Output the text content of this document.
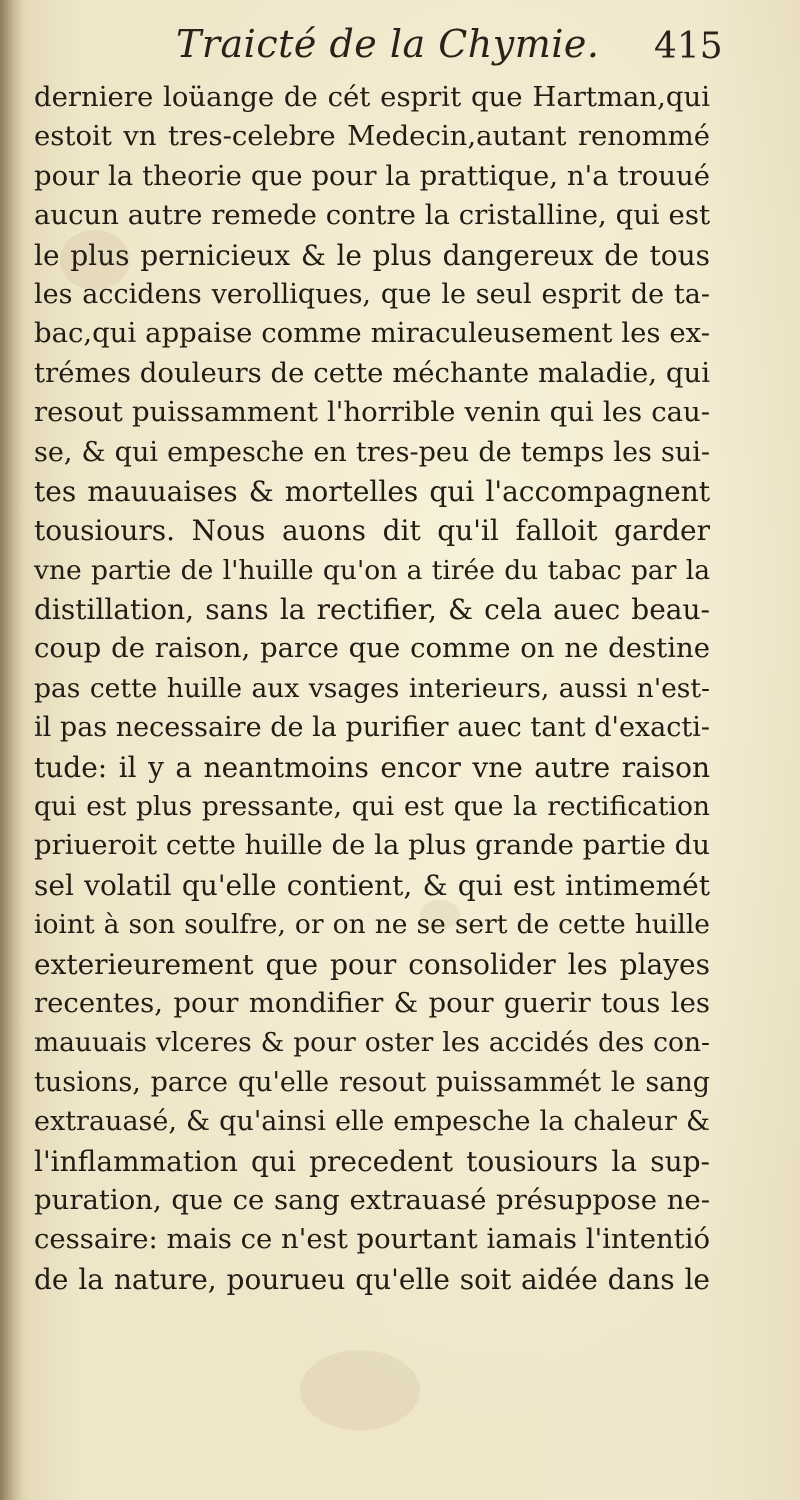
Traicté de la Chymie. 415
derniere loüange de cét esprit que Hartman,qui
estoit vn tres-celebre Medecin,autant renommé
pour la theorie que pour la prattique, n'a trouué
aucun autre remede contre la cristalline, qui est
le plus pernicieux & le plus dangereux de tous
les accidens verolliques, que le seul esprit de ta-
bac,qui appaise comme miraculeusement les ex-
trémes douleurs de cette méchante maladie, qui
resout puissamment l'horrible venin qui les cau-
se, & qui empesche en tres-peu de temps les sui-
tes mauuaises & mortelles qui l'accompagnent
tousiours. Nous auons dit qu'il falloit garder
vne partie de l'huille qu'on a tirée du tabac par la
distillation, sans la rectifier, & cela auec beau-
coup de raison, parce que comme on ne destine
pas cette huille aux vsages interieurs, aussi n'est-
il pas necessaire de la purifier auec tant d'exacti-
tude: il y a neantmoins encor vne autre raison
qui est plus pressante, qui est que la rectification
priueroit cette huille de la plus grande partie du
sel volatil qu'elle contient, & qui est intimemét
ioint à son soulfre, or on ne se sert de cette huille
exterieurement que pour consolider les playes
recentes, pour mondifier & pour guerir tous les
mauuais vlceres & pour oster les accidés des con-
tusions, parce qu'elle resout puissammét le sang
extrauasé, & qu'ainsi elle empesche la chaleur &
l'inflammation qui precedent tousiours la sup-
puration, que ce sang extrauasé présuppose ne-
cessaire: mais ce n'est pourtant iamais l'intentió
de la nature, pourueu qu'elle soit aidée dans le
